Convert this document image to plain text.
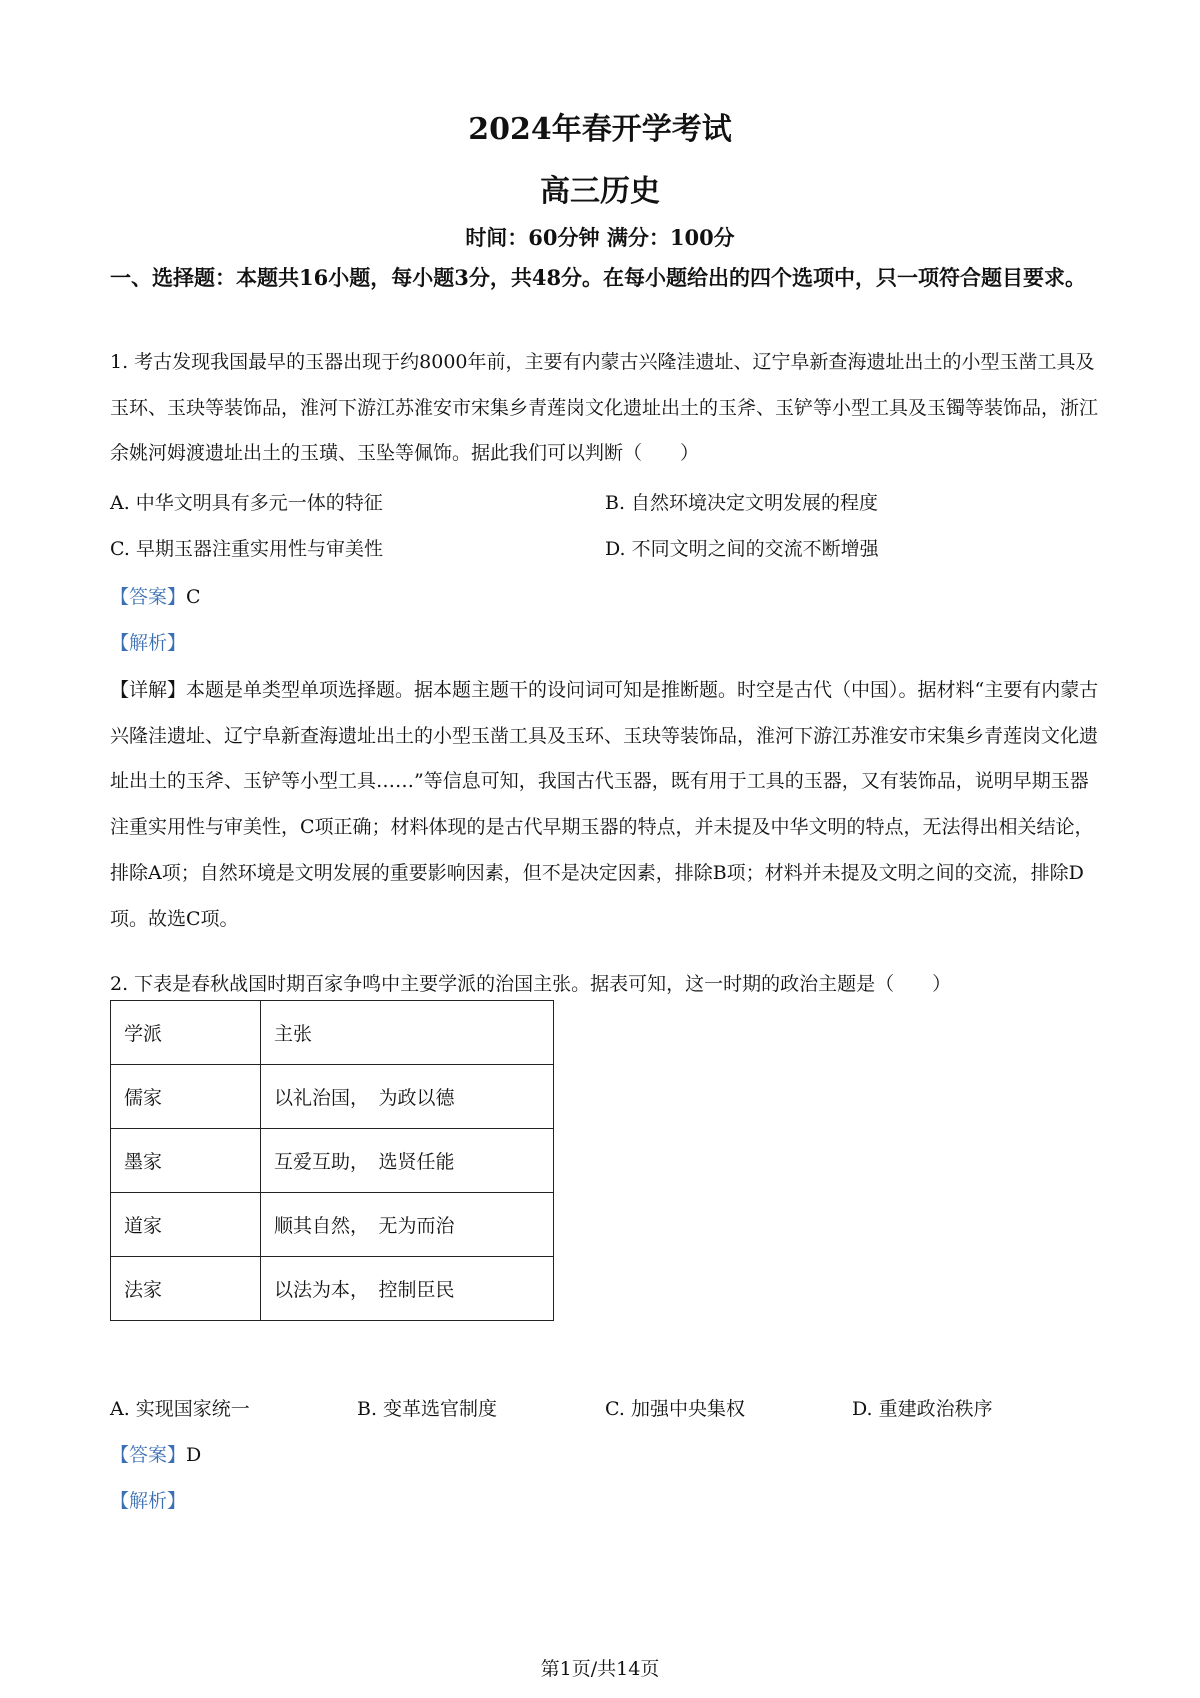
2024年春开学考试
高三历史
时间：60分钟 满分：100分
一、选择题：本题共16小题，每小题3分，共48分。在每小题给出的四个选项中，只一项符合题目要求。
1. 考古发现我国最早的玉器出现于约8000年前，主要有内蒙古兴隆洼遗址、辽宁阜新查海遗址出土的小型玉凿工具及玉环、玉玦等装饰品，淮河下游江苏淮安市宋集乡青莲岗文化遗址出土的玉斧、玉铲等小型工具及玉镯等装饰品，浙江余姚河姆渡遗址出土的玉璜、玉坠等佩饰。据此我们可以判断（　　）
A. 中华文明具有多元一体的特征	B. 自然环境决定文明发展的程度
C. 早期玉器注重实用性与审美性	D. 不同文明之间的交流不断增强
【答案】C
【解析】
【详解】本题是单类型单项选择题。据本题主题干的设问词可知是推断题。时空是古代（中国）。据材料“主要有内蒙古兴隆洼遗址、辽宁阜新查海遗址出土的小型玉凿工具及玉环、玉玦等装饰品，淮河下游江苏淮安市宋集乡青莲岗文化遗址出土的玉斧、玉铲等小型工具……”等信息可知，我国古代玉器，既有用于工具的玉器，又有装饰品，说明早期玉器注重实用性与审美性，C项正确；材料体现的是古代早期玉器的特点，并未提及中华文明的特点，无法得出相关结论，排除A项；自然环境是文明发展的重要影响因素，但不是决定因素，排除B项；材料并未提及文明之间的交流，排除D项。故选C项。
2. 下表是春秋战国时期百家争鸣中主要学派的治国主张。据表可知，这一时期的政治主题是（　　）
学派	主张
儒家	以礼治国，　为政以德
墨家	互爱互助，　选贤任能
道家	顺其自然，　无为而治
法家	以法为本，　控制臣民
A. 实现国家统一	B. 变革选官制度	C. 加强中央集权	D. 重建政治秩序
【答案】D
【解析】
第1页/共14页
